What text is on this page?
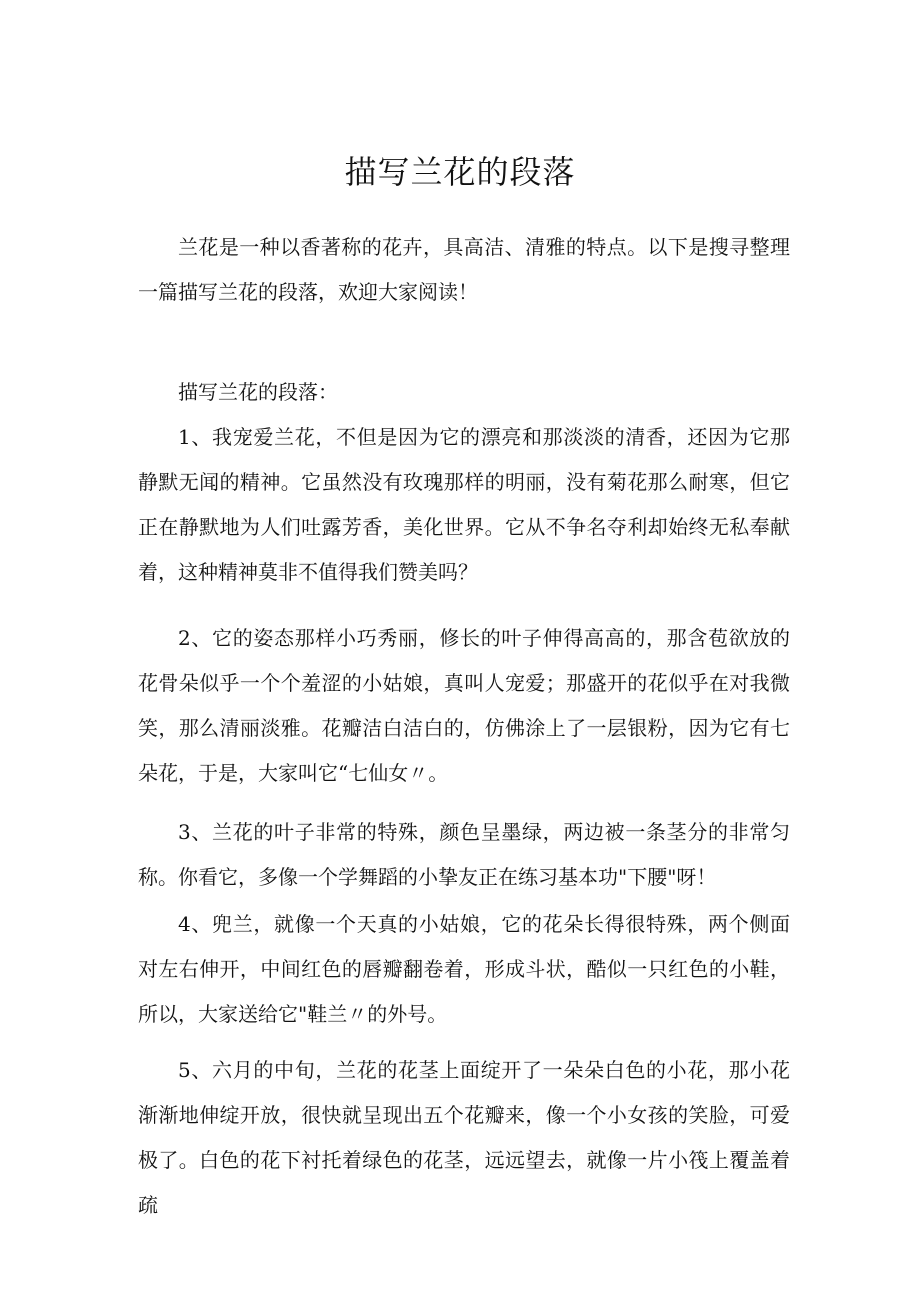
描写兰花的段落

兰花是一种以香著称的花卉，具高洁、清雅的特点。以下是搜寻整理一篇描写兰花的段落，欢迎大家阅读！

描写兰花的段落：

1、我宠爱兰花，不但是因为它的漂亮和那淡淡的清香，还因为它那静默无闻的精神。它虽然没有玫瑰那样的明丽，没有菊花那么耐寒，但它正在静默地为人们吐露芳香，美化世界。它从不争名夺利却始终无私奉献着，这种精神莫非不值得我们赞美吗？

2、它的姿态那样小巧秀丽，修长的叶子伸得高高的，那含苞欲放的花骨朵似乎一个个羞涩的小姑娘，真叫人宠爱；那盛开的花似乎在对我微笑，那么清丽淡雅。花瓣洁白洁白的，仿佛涂上了一层银粉，因为它有七朵花，于是，大家叫它“七仙女〃。

3、兰花的叶子非常的特殊，颜色呈墨绿，两边被一条茎分的非常匀称。你看它，多像一个学舞蹈的小挚友正在练习基本功"下腰"呀！

4、兜兰，就像一个天真的小姑娘，它的花朵长得很特殊，两个侧面对左右伸开，中间红色的唇瓣翻卷着，形成斗状，酷似一只红色的小鞋，所以，大家送给它"鞋兰〃的外号。

5、六月的中旬，兰花的花茎上面绽开了一朵朵白色的小花，那小花渐渐地伸绽开放，很快就呈现出五个花瓣来，像一个小女孩的笑脸，可爱极了。白色的花下衬托着绿色的花茎，远远望去，就像一片小筏上覆盖着疏
